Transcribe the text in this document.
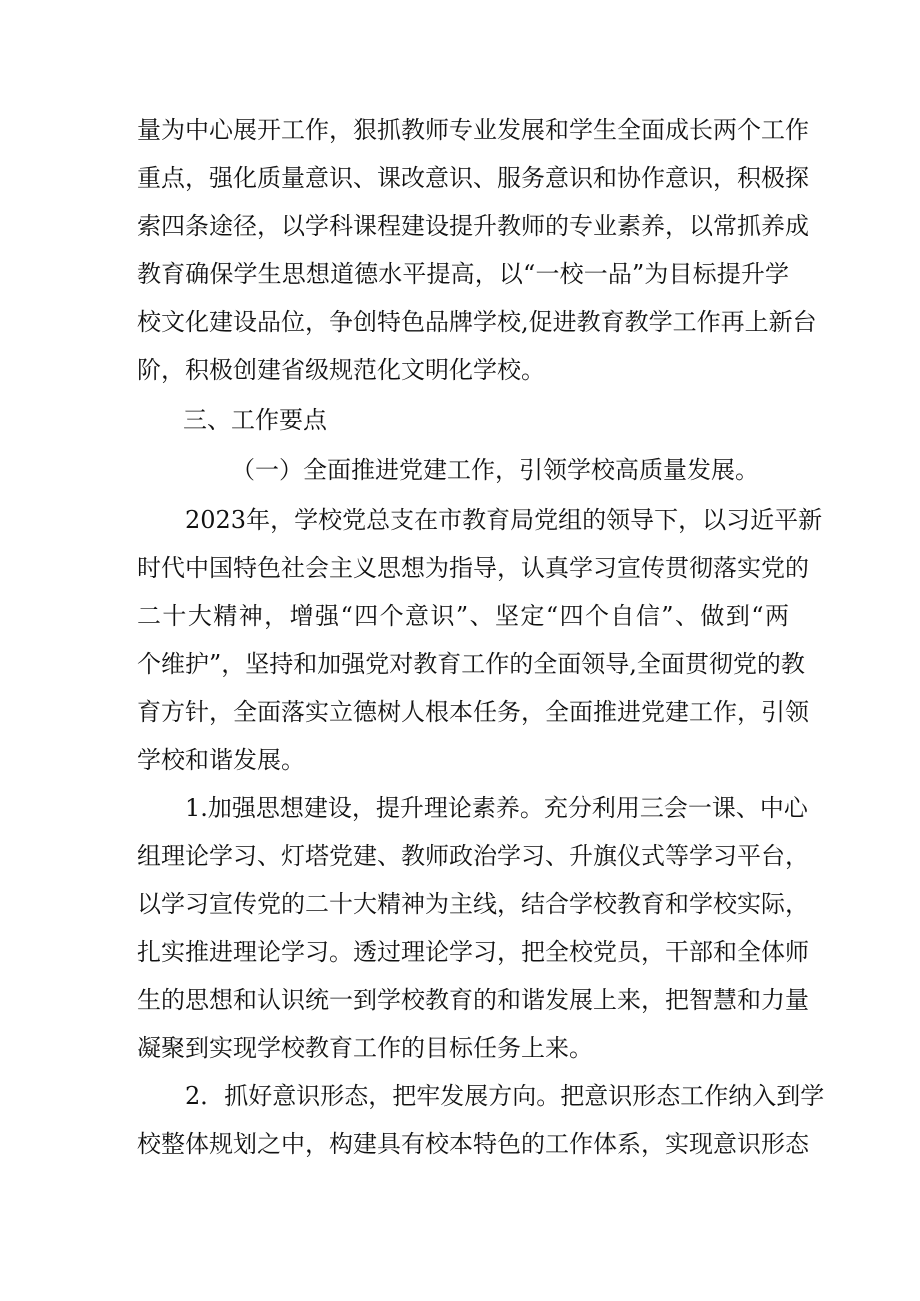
量为中心展开工作，狠抓教师专业发展和学生全面成长两个工作
重点，强化质量意识、课改意识、服务意识和协作意识，积极探
索四条途径，以学科课程建设提升教师的专业素养，以常抓养成
教育确保学生思想道德水平提高，以“一校一品”为目标提升学
校文化建设品位，争创特色品牌学校,促进教育教学工作再上新台
阶，积极创建省级规范化文明化学校。
三、工作要点
（一）全面推进党建工作，引领学校高质量发展。
2023年，学校党总支在市教育局党组的领导下，以习近平新
时代中国特色社会主义思想为指导，认真学习宣传贯彻落实党的
二十大精神，增强“四个意识”、坚定“四个自信”、做到“两
个维护”，坚持和加强党对教育工作的全面领导,全面贯彻党的教
育方针，全面落实立德树人根本任务，全面推进党建工作，引领
学校和谐发展。
1.加强思想建设，提升理论素养。充分利用三会一课、中心
组理论学习、灯塔党建、教师政治学习、升旗仪式等学习平台，
以学习宣传党的二十大精神为主线，结合学校教育和学校实际，
扎实推进理论学习。透过理论学习，把全校党员，干部和全体师
生的思想和认识统一到学校教育的和谐发展上来，把智慧和力量
凝聚到实现学校教育工作的目标任务上来。
2．抓好意识形态，把牢发展方向。把意识形态工作纳入到学
校整体规划之中，构建具有校本特色的工作体系，实现意识形态
